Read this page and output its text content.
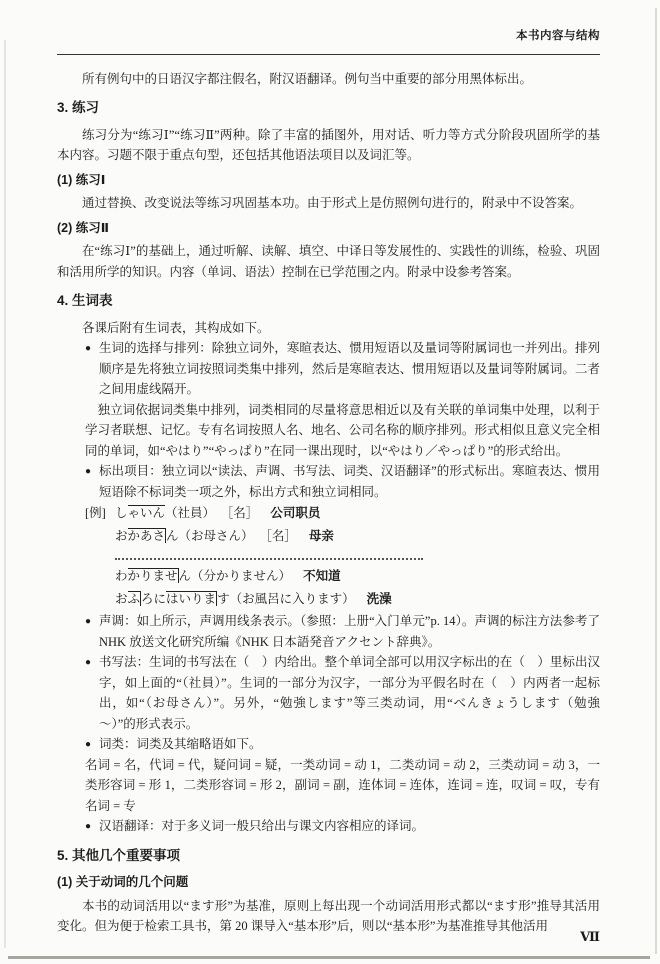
本书内容与结构

所有例句中的日语汉字都注假名，附汉语翻译。例句当中重要的部分用黑体标出。

3. 练习

练习分为“练习Ⅰ”“练习Ⅱ”两种。除了丰富的插图外，用对话、听力等方式分阶段巩固所学的基本内容。习题不限于重点句型，还包括其他语法项目以及词汇等。

(1) 练习Ⅰ

通过替换、改变说法等练习巩固基本功。由于形式上是仿照例句进行的，附录中不设答案。

(2) 练习Ⅱ

在“练习Ⅰ”的基础上，通过听解、读解、填空、中译日等发展性的、实践性的训练，检验、巩固和活用所学的知识。内容（单词、语法）控制在已学范围之内。附录中设参考答案。

4. 生词表

各课后附有生词表，其构成如下。

● 生词的选择与排列：除独立词外，寒暄表达、惯用短语以及量词等附属词也一并列出。排列顺序是先将独立词按照词类集中排列，然后是寒暄表达、惯用短语以及量词等附属词。二者之间用虚线隔开。

独立词依据词类集中排列，词类相同的尽量将意思相近以及有关联的单词集中处理，以利于学习者联想、记忆。专有名词按照人名、地名、公司名称的顺序排列。形式相似且意义完全相同的单词，如“やはり”“やっぱり”在同一课出现时，以“やはり／やっぱり”的形式给出。

● 标出项目：独立词以“读法、声调、书写法、词类、汉语翻译”的形式标出。寒暄表达、惯用短语除不标词类一项之外，标出方式和独立词相同。
[例] しゃいん（社員） ［名］ 公司职员
おかあさん（お母さん） ［名］ 母亲
わかりません（分かりません） 不知道
おふろにはいります（お風呂に入ります） 洗澡
● 声调：如上所示，声调用线条表示。（参照：上册“入门单元”p. 14）。声调的标注方法参考了NHK 放送文化研究所编《NHK 日本語発音アクセント辞典》。
● 书写法：生词的书写法在（　）内给出。整个单词全部可以用汉字标出的在（　）里标出汉字，如上面的“（社員）”。生词的一部分为汉字，一部分为平假名时在（　）内两者一起标出，如“（お母さん）”。另外，“勉強します”等三类动词，用“べんきょうします（勉強～）”的形式表示。
● 词类：词类及其缩略语如下。

名词 = 名，代词 = 代，疑问词 = 疑，一类动词 = 动 1，二类动词 = 动 2，三类动词 = 动 3，一类形容词 = 形 1，二类形容词 = 形 2，副词 = 副，连体词 = 连体，连词 = 连，叹词 = 叹，专有名词 = 专

● 汉语翻译：对于多义词一般只给出与课文内容相应的译词。
5. 其他几个重要事项
(1) 关于动词的几个问题

本书的动词活用以“ます形”为基准，原则上每出现一个动词活用形式都以“ます形”推导其活用变化。但为便于检索工具书，第 20 课导入“基本形”后，则以“基本形”为基准推导其他活用

Ⅶ
